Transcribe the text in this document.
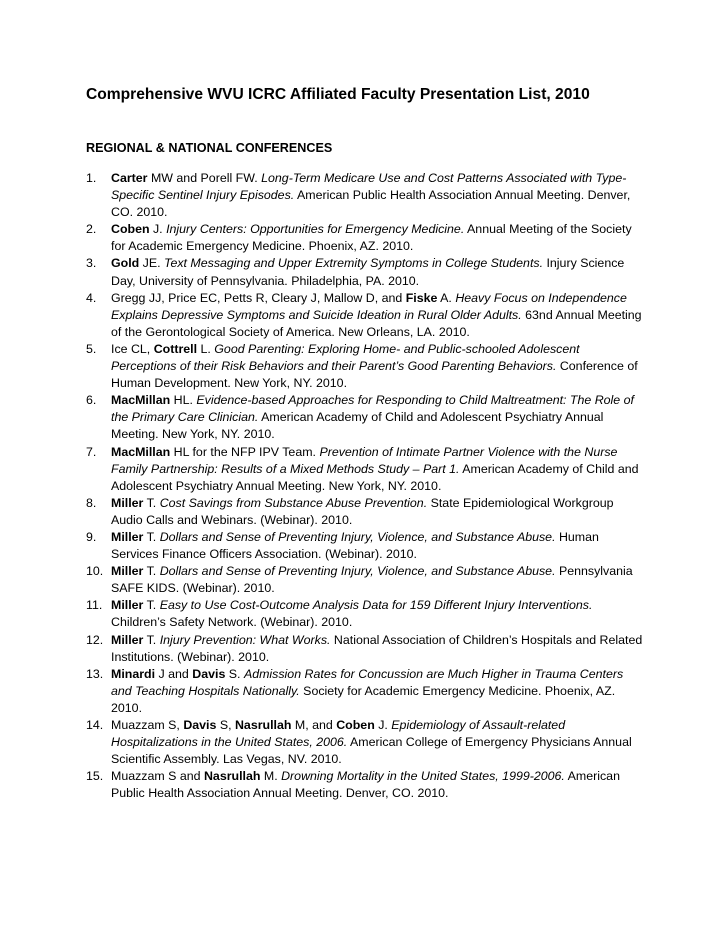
Comprehensive WVU ICRC Affiliated Faculty Presentation List, 2010
REGIONAL & NATIONAL CONFERENCES
1. Carter MW and Porell FW. Long-Term Medicare Use and Cost Patterns Associated with Type-Specific Sentinel Injury Episodes. American Public Health Association Annual Meeting. Denver, CO. 2010.
2. Coben J. Injury Centers: Opportunities for Emergency Medicine. Annual Meeting of the Society for Academic Emergency Medicine. Phoenix, AZ. 2010.
3. Gold JE. Text Messaging and Upper Extremity Symptoms in College Students. Injury Science Day, University of Pennsylvania. Philadelphia, PA. 2010.
4. Gregg JJ, Price EC, Petts R, Cleary J, Mallow D, and Fiske A. Heavy Focus on Independence Explains Depressive Symptoms and Suicide Ideation in Rural Older Adults. 63nd Annual Meeting of the Gerontological Society of America. New Orleans, LA. 2010.
5. Ice CL, Cottrell L. Good Parenting: Exploring Home- and Public-schooled Adolescent Perceptions of their Risk Behaviors and their Parent’s Good Parenting Behaviors. Conference of Human Development. New York, NY. 2010.
6. MacMillan HL. Evidence-based Approaches for Responding to Child Maltreatment: The Role of the Primary Care Clinician. American Academy of Child and Adolescent Psychiatry Annual Meeting. New York, NY. 2010.
7. MacMillan HL for the NFP IPV Team. Prevention of Intimate Partner Violence with the Nurse Family Partnership: Results of a Mixed Methods Study – Part 1. American Academy of Child and Adolescent Psychiatry Annual Meeting. New York, NY. 2010.
8. Miller T. Cost Savings from Substance Abuse Prevention. State Epidemiological Workgroup Audio Calls and Webinars. (Webinar). 2010.
9. Miller T. Dollars and Sense of Preventing Injury, Violence, and Substance Abuse. Human Services Finance Officers Association. (Webinar). 2010.
10. Miller T. Dollars and Sense of Preventing Injury, Violence, and Substance Abuse. Pennsylvania SAFE KIDS. (Webinar). 2010.
11. Miller T. Easy to Use Cost-Outcome Analysis Data for 159 Different Injury Interventions. Children’s Safety Network. (Webinar). 2010.
12. Miller T. Injury Prevention: What Works. National Association of Children’s Hospitals and Related Institutions. (Webinar). 2010.
13. Minardi J and Davis S. Admission Rates for Concussion are Much Higher in Trauma Centers and Teaching Hospitals Nationally. Society for Academic Emergency Medicine. Phoenix, AZ. 2010.
14. Muazzam S, Davis S, Nasrullah M, and Coben J. Epidemiology of Assault-related Hospitalizations in the United States, 2006. American College of Emergency Physicians Annual Scientific Assembly. Las Vegas, NV. 2010.
15. Muazzam S and Nasrullah M. Drowning Mortality in the United States, 1999-2006. American Public Health Association Annual Meeting. Denver, CO. 2010.
